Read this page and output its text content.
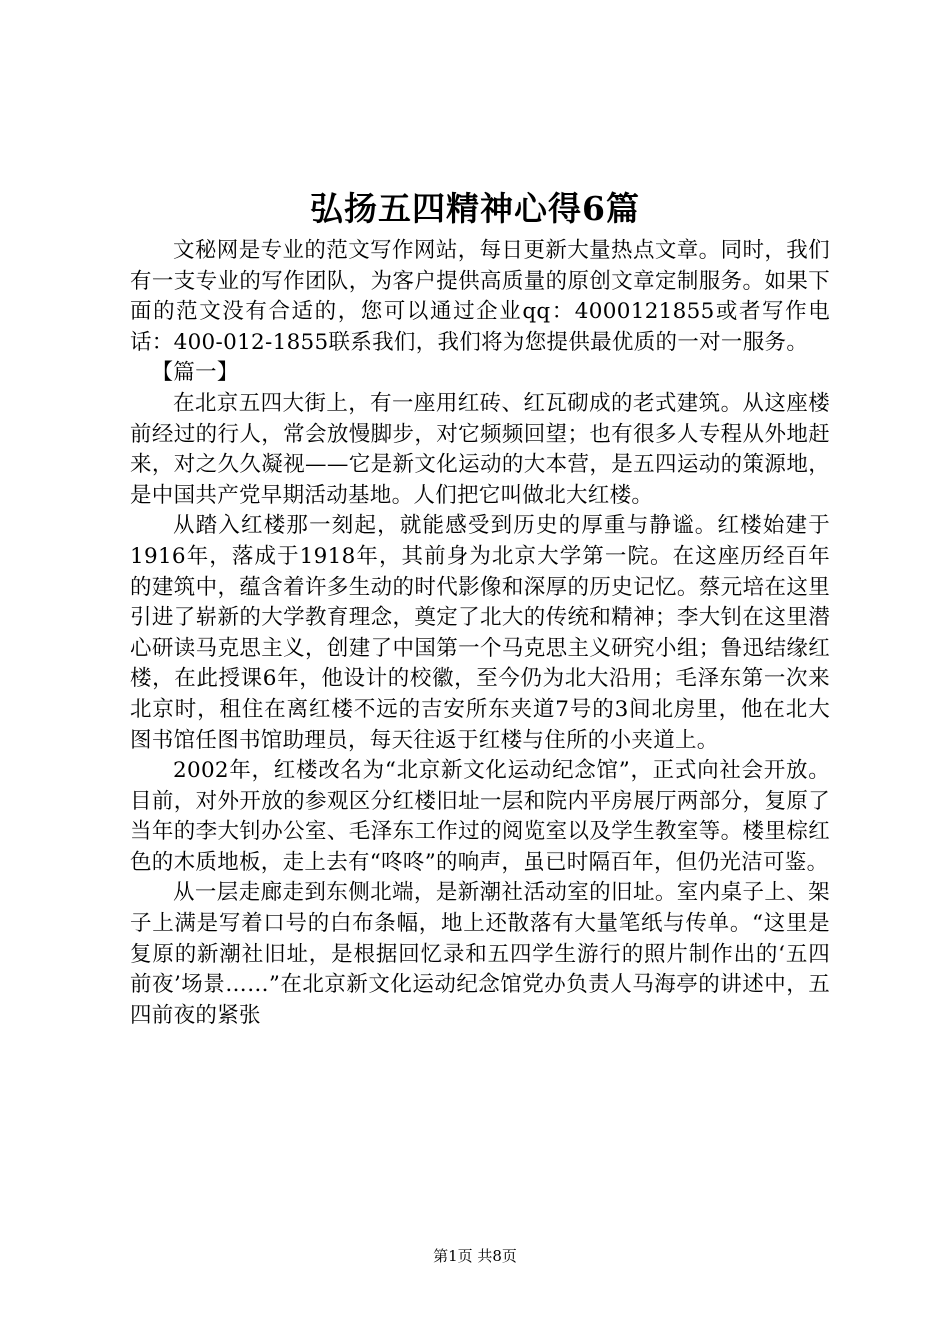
弘扬五四精神心得6篇

文秘网是专业的范文写作网站，每日更新大量热点文章。同时，我们有一支专业的写作团队，为客户提供高质量的原创文章定制服务。如果下面的范文没有合适的，您可以通过企业qq：4000121855或者写作电话：400-012-1855联系我们，我们将为您提供最优质的一对一服务。

【篇一】

在北京五四大街上，有一座用红砖、红瓦砌成的老式建筑。从这座楼前经过的行人，常会放慢脚步，对它频频回望；也有很多人专程从外地赶来，对之久久凝视——它是新文化运动的大本营，是五四运动的策源地，是中国共产党早期活动基地。人们把它叫做北大红楼。

从踏入红楼那一刻起，就能感受到历史的厚重与静谧。红楼始建于1916年，落成于1918年，其前身为北京大学第一院。在这座历经百年的建筑中，蕴含着许多生动的时代影像和深厚的历史记忆。蔡元培在这里引进了崭新的大学教育理念，奠定了北大的传统和精神；李大钊在这里潜心研读马克思主义，创建了中国第一个马克思主义研究小组；鲁迅结缘红楼，在此授课6年，他设计的校徽，至今仍为北大沿用；毛泽东第一次来北京时，租住在离红楼不远的吉安所东夹道7号的3间北房里，他在北大图书馆任图书馆助理员，每天往返于红楼与住所的小夹道上。

2002年，红楼改名为“北京新文化运动纪念馆”，正式向社会开放。目前，对外开放的参观区分红楼旧址一层和院内平房展厅两部分，复原了当年的李大钊办公室、毛泽东工作过的阅览室以及学生教室等。楼里棕红色的木质地板，走上去有“咚咚”的响声，虽已时隔百年，但仍光洁可鉴。

从一层走廊走到东侧北端，是新潮社活动室的旧址。室内桌子上、架子上满是写着口号的白布条幅，地上还散落有大量笔纸与传单。“这里是复原的新潮社旧址，是根据回忆录和五四学生游行的照片制作出的‘五四前夜’场景……”在北京新文化运动纪念馆党办负责人马海亭的讲述中，五四前夜的紧张

第1页 共8页
